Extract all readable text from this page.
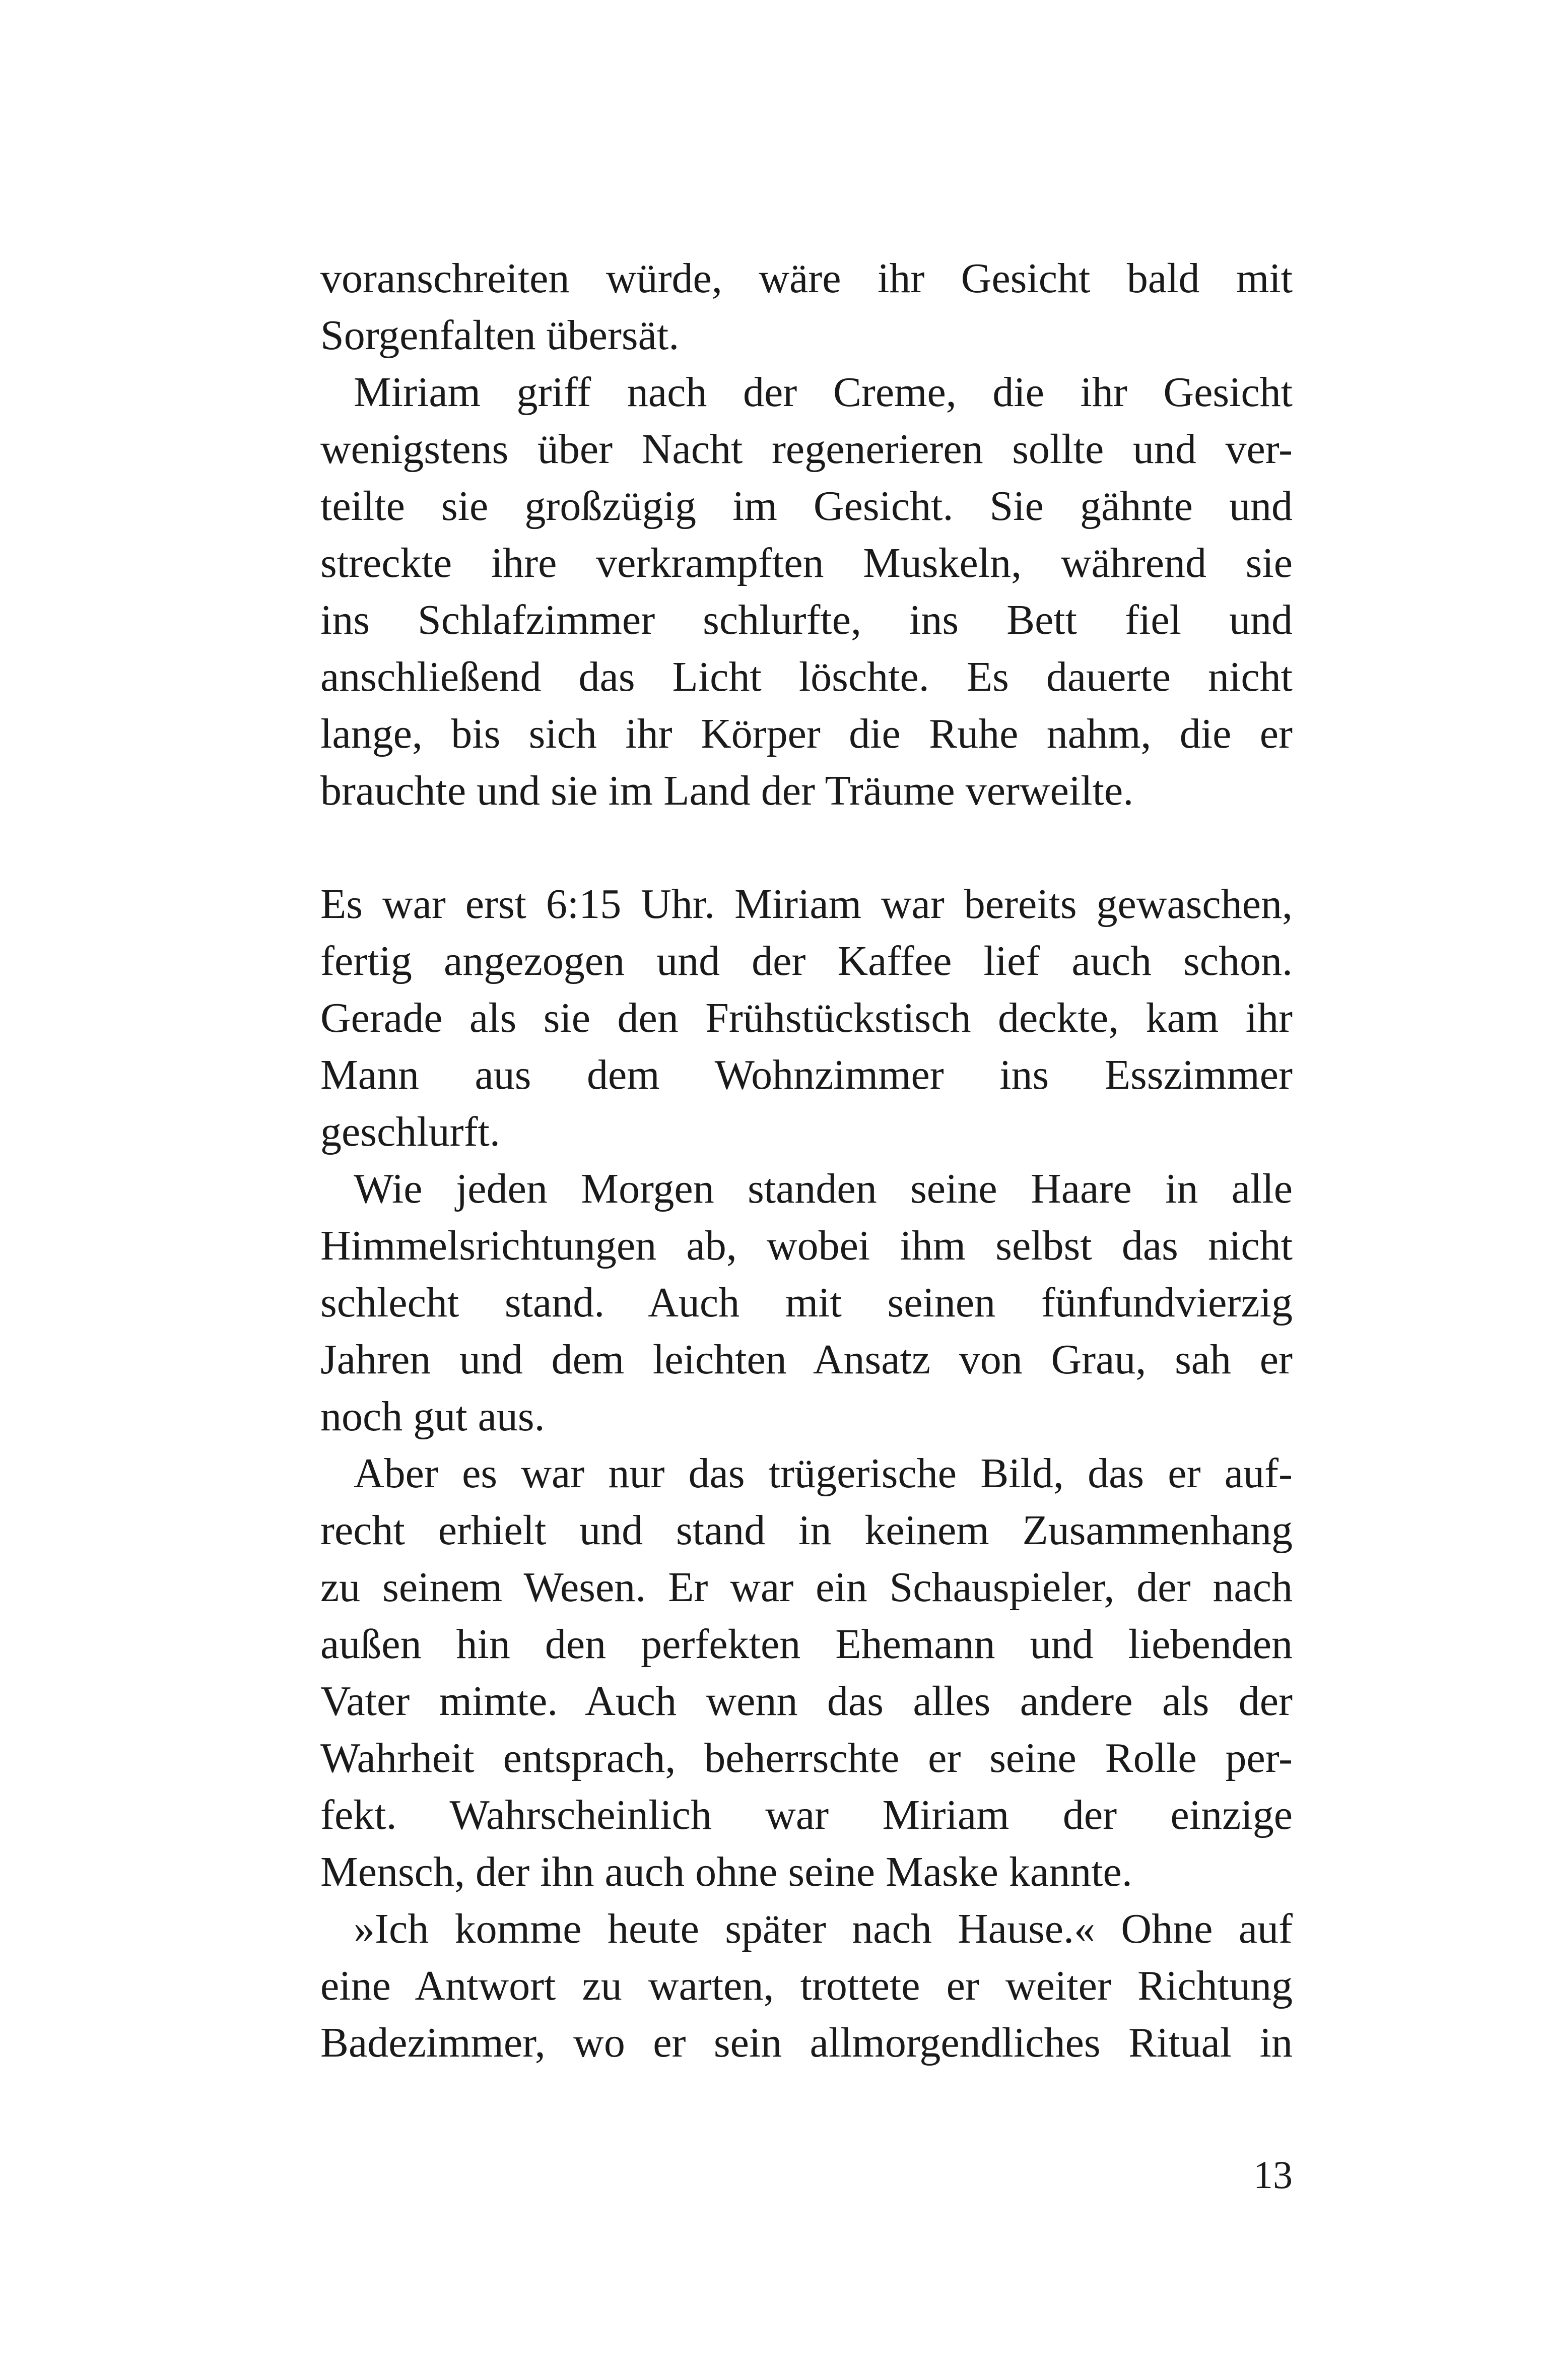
voranschreiten würde, wäre ihr Gesicht bald mit
Sorgenfalten übersät.
Miriam griff nach der Creme, die ihr Gesicht
wenigstens über Nacht regenerieren sollte und ver-
teilte sie großzügig im Gesicht. Sie gähnte und
streckte ihre verkrampften Muskeln, während sie
ins Schlafzimmer schlurfte, ins Bett fiel und
anschließend das Licht löschte. Es dauerte nicht
lange, bis sich ihr Körper die Ruhe nahm, die er
brauchte und sie im Land der Träume verweilte.
Es war erst 6:15 Uhr. Miriam war bereits gewaschen,
fertig angezogen und der Kaffee lief auch schon.
Gerade als sie den Frühstückstisch deckte, kam ihr
Mann aus dem Wohnzimmer ins Esszimmer
geschlurft.
Wie jeden Morgen standen seine Haare in alle
Himmelsrichtungen ab, wobei ihm selbst das nicht
schlecht stand. Auch mit seinen fünfundvierzig
Jahren und dem leichten Ansatz von Grau, sah er
noch gut aus.
Aber es war nur das trügerische Bild, das er auf-
recht erhielt und stand in keinem Zusammenhang
zu seinem Wesen. Er war ein Schauspieler, der nach
außen hin den perfekten Ehemann und liebenden
Vater mimte. Auch wenn das alles andere als der
Wahrheit entsprach, beherrschte er seine Rolle per-
fekt. Wahrscheinlich war Miriam der einzige
Mensch, der ihn auch ohne seine Maske kannte.
»Ich komme heute später nach Hause.« Ohne auf
eine Antwort zu warten, trottete er weiter Richtung
Badezimmer, wo er sein allmorgendliches Ritual in
13
